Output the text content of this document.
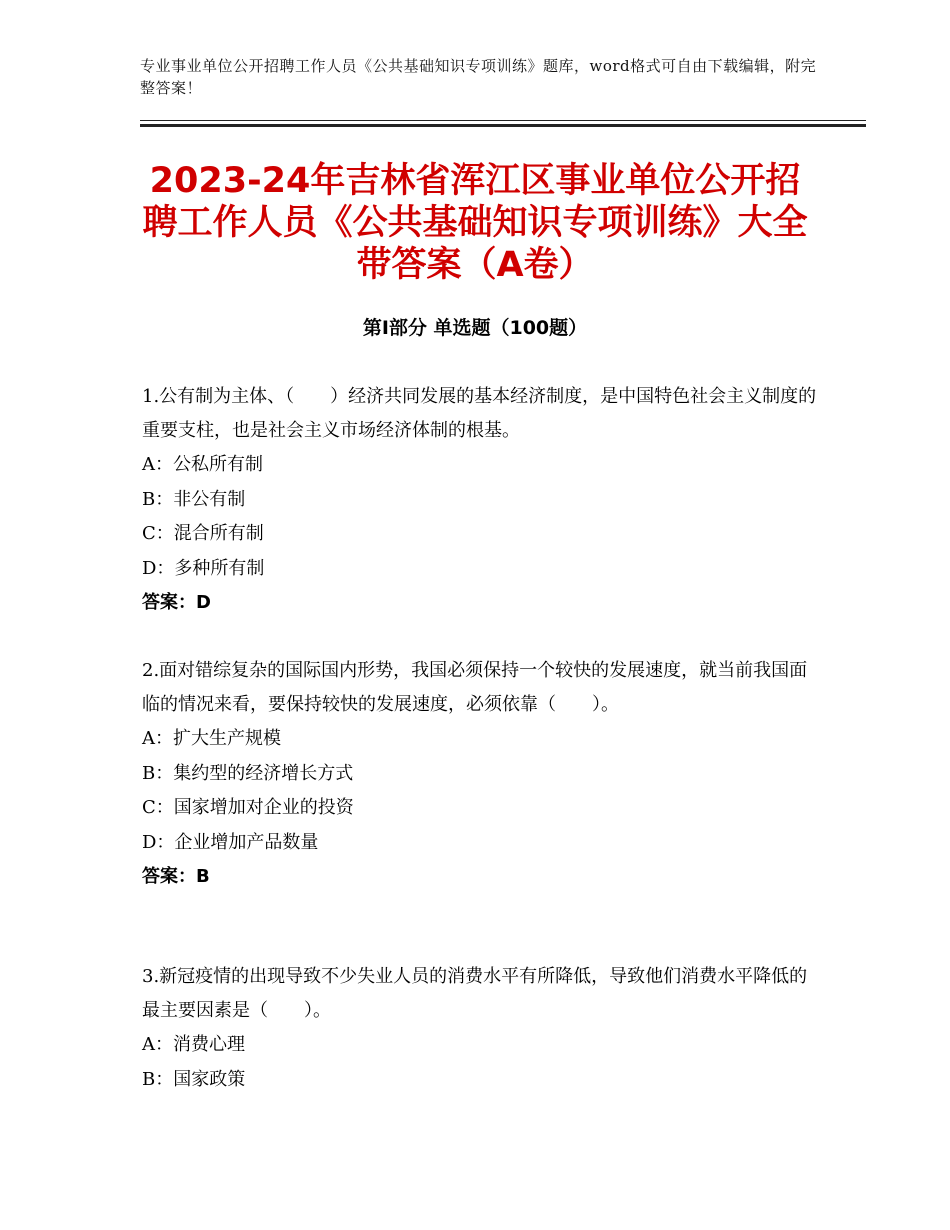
专业事业单位公开招聘工作人员《公共基础知识专项训练》题库，word格式可自由下载编辑，附完整答案！
2023-24年吉林省浑江区事业单位公开招聘工作人员《公共基础知识专项训练》大全带答案（A卷）
第Ⅰ部分 单选题（100题）

1.公有制为主体、（　　）经济共同发展的基本经济制度，是中国特色社会主义制度的重要支柱，也是社会主义市场经济体制的根基。

A：公私所有制

B：非公有制

C：混合所有制

D：多种所有制

答案：D

2.面对错综复杂的国际国内形势，我国必须保持一个较快的发展速度，就当前我国面临的情况来看，要保持较快的发展速度，必须依靠（　　）。

A：扩大生产规模

B：集约型的经济增长方式

C：国家增加对企业的投资

D：企业增加产品数量

答案：B

3.新冠疫情的出现导致不少失业人员的消费水平有所降低，导致他们消费水平降低的最主要因素是（　　）。

A：消费心理

B：国家政策
